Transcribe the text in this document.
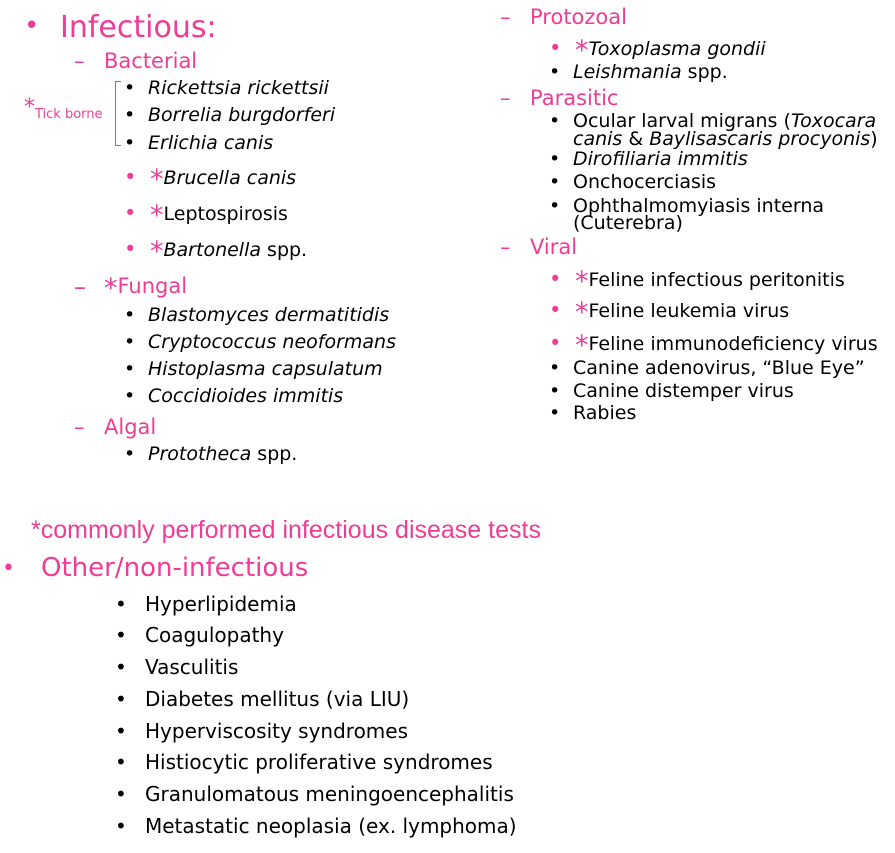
• Infectious:
– Bacterial
$*_{Tick borne}$
• Rickettsia rickettsii
• Borrelia burgdorferi
• Erlichia canis
• *Brucella canis
• *Leptospirosis
• *Bartonella spp.
– *Fungal
• Blastomyces dermatitidis
• Cryptococcus neoformans
• Histoplasma capsulatum
• Coccidioides immitis
– Algal
• Prototheca spp.
– Protozoal
• *Toxoplasma gondii
• Leishmania spp.
– Parasitic
• Ocular larval migrans (Toxocara
canis & Baylisascaris procyonis)
• Dirofiliaria immitis
• Onchocerciasis
• Ophthalmomyiasis interna
(Cuterebra)
– Viral
• *Feline infectious peritonitis
• *Feline leukemia virus
• *Feline immunodeficiency virus
• Canine adenovirus, “Blue Eye”
• Canine distemper virus
• Rabies
*commonly performed infectious disease tests
• Other/non-infectious
• Hyperlipidemia
• Coagulopathy
• Vasculitis
• Diabetes mellitus (via LIU)
• Hyperviscosity syndromes
• Histiocytic proliferative syndromes
• Granulomatous meningoencephalitis
• Metastatic neoplasia (ex. lymphoma)
